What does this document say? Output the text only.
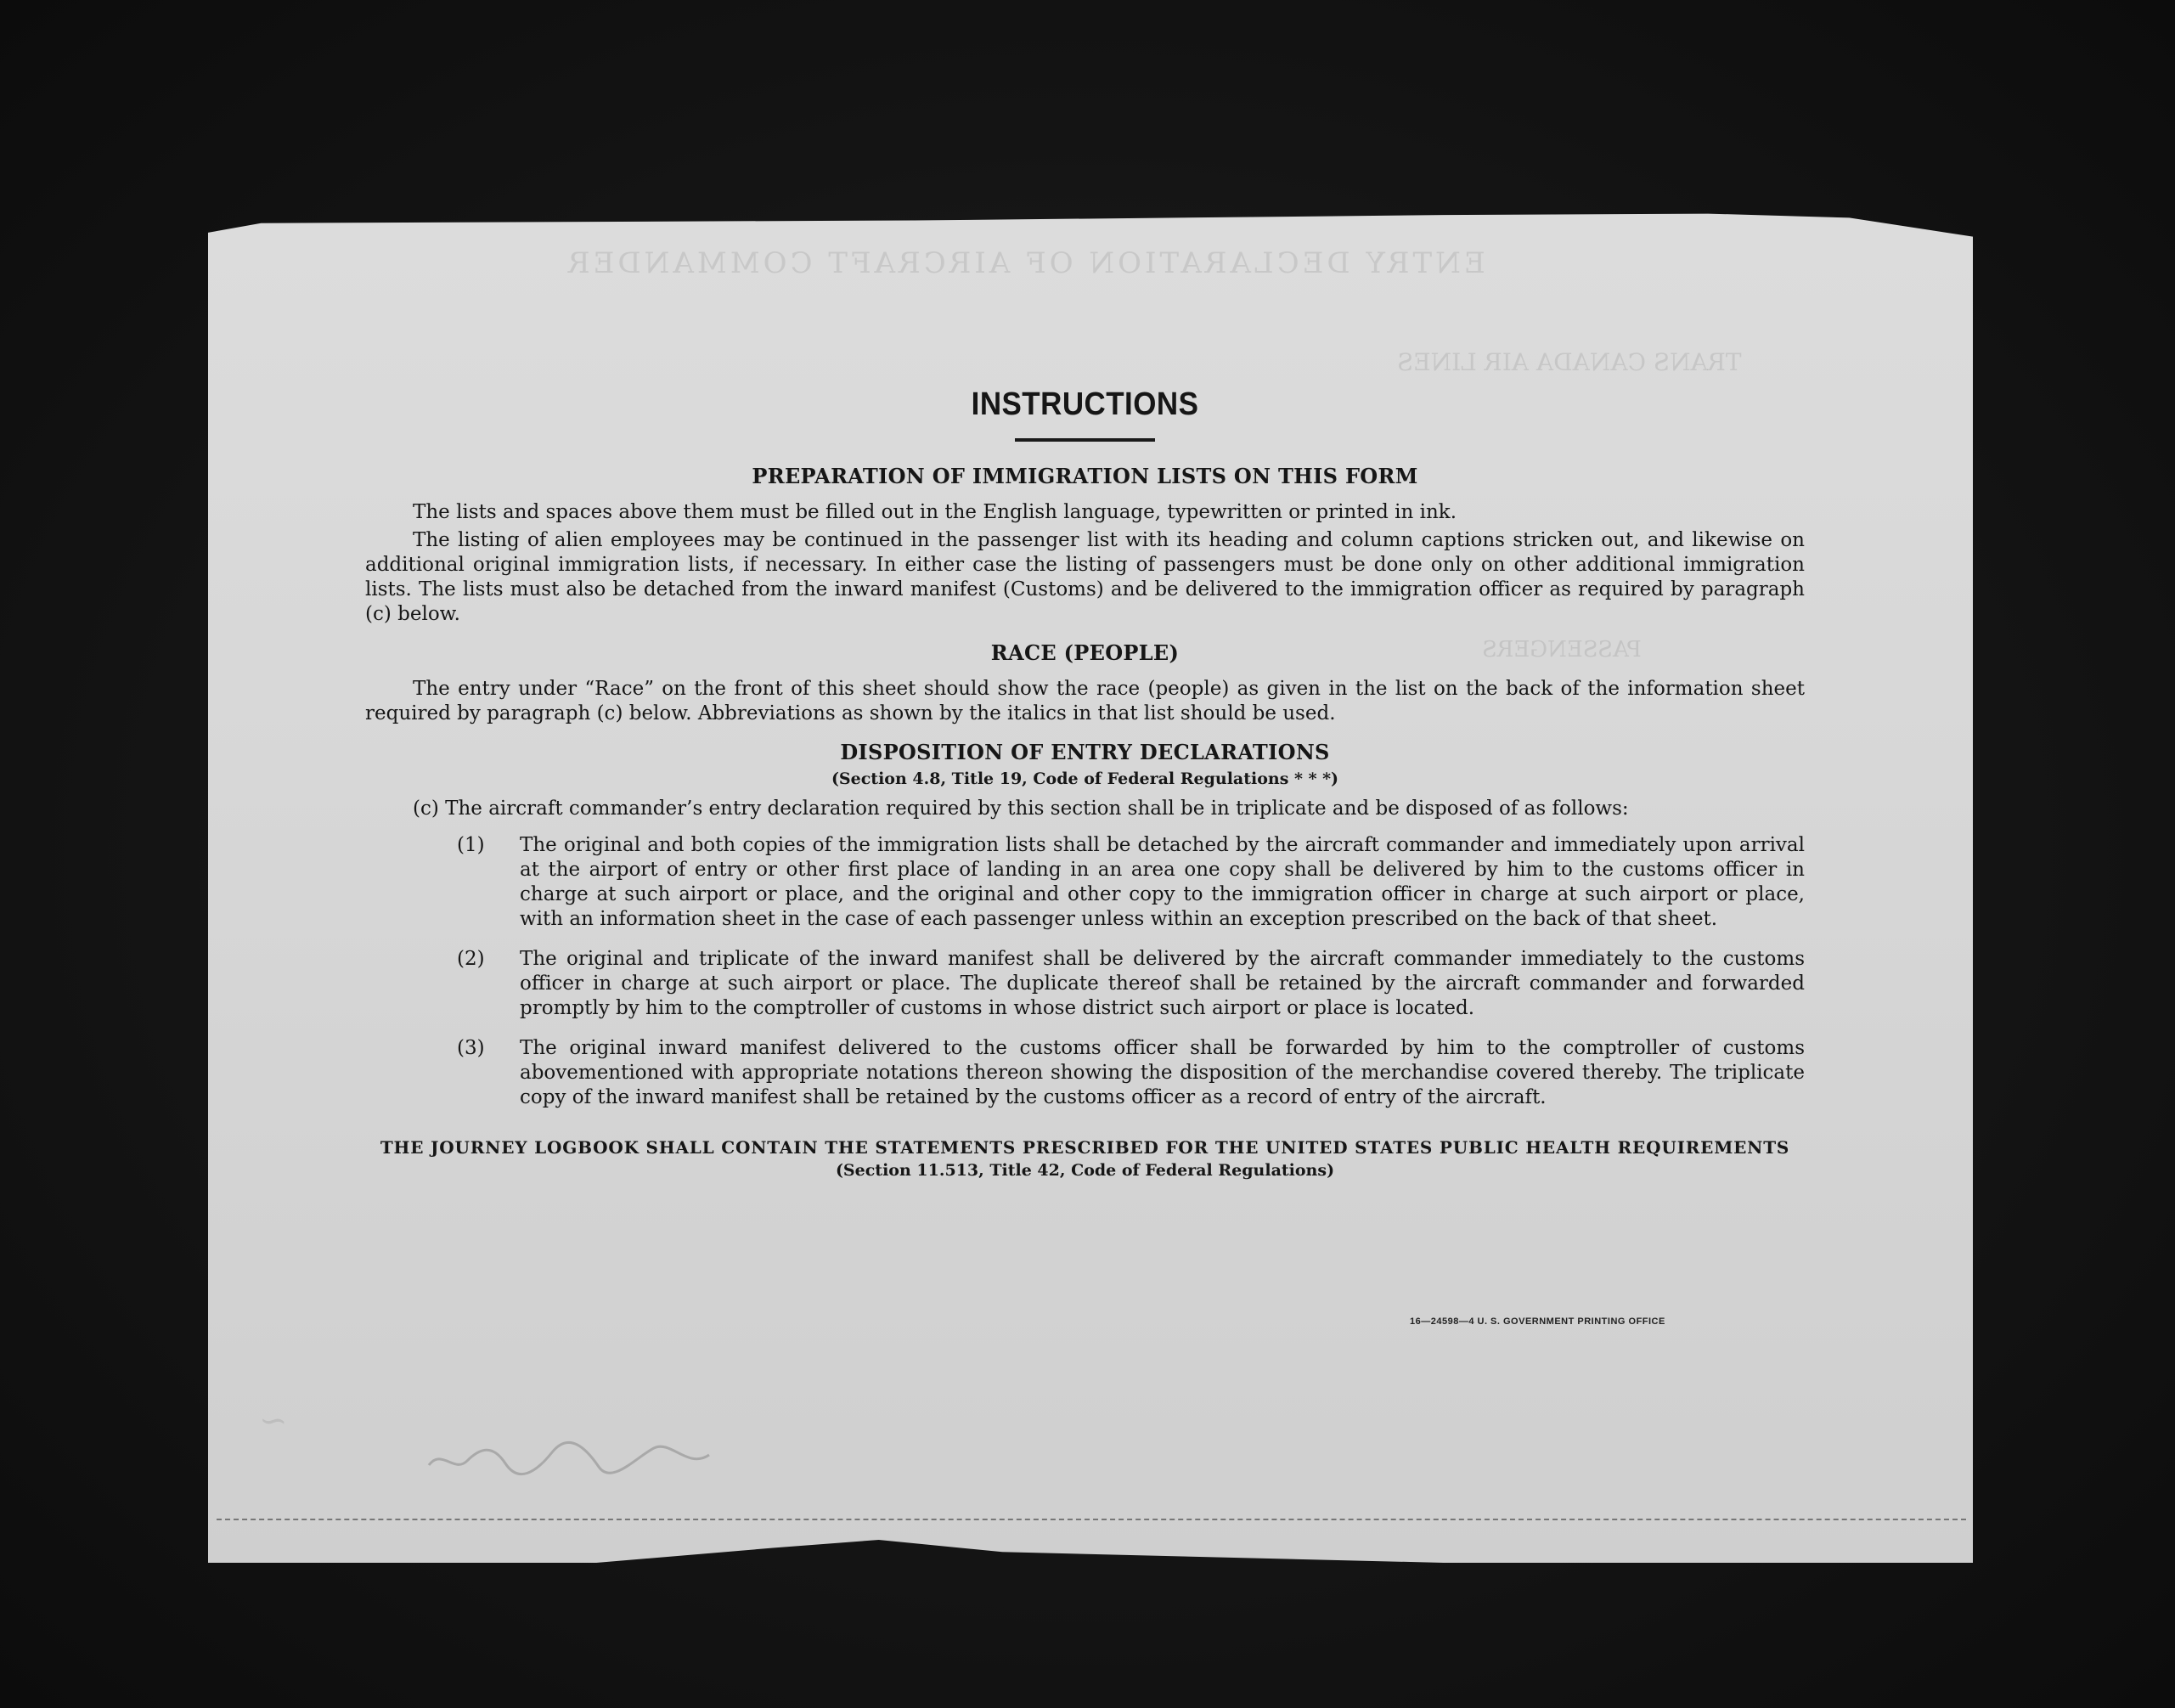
INSTRUCTIONS
PREPARATION OF IMMIGRATION LISTS ON THIS FORM

The lists and spaces above them must be filled out in the English language, typewritten or printed in ink.

The listing of alien employees may be continued in the passenger list with its heading and column captions stricken out, and likewise on additional original immigration lists, if necessary. In either case the listing of passengers must be done only on other additional immigration lists. The lists must also be detached from the inward manifest (Customs) and be delivered to the immigration officer as required by paragraph (c) below.

RACE (PEOPLE)

The entry under “Race” on the front of this sheet should show the race (people) as given in the list on the back of the information sheet required by paragraph (c) below. Abbreviations as shown by the italics in that list should be used.

DISPOSITION OF ENTRY DECLARATIONS
(Section 4.8, Title 19, Code of Federal Regulations * * *)

(c) The aircraft commander’s entry declaration required by this section shall be in triplicate and be disposed of as follows:

(1) The original and both copies of the immigration lists shall be detached by the aircraft commander and immediately upon arrival at the airport of entry or other first place of landing in an area one copy shall be delivered by him to the customs officer in charge at such airport or place, and the original and other copy to the immigration officer in charge at such airport or place, with an information sheet in the case of each passenger unless within an exception prescribed on the back of that sheet.
(2) The original and triplicate of the inward manifest shall be delivered by the aircraft commander immediately to the customs officer in charge at such airport or place. The duplicate thereof shall be retained by the aircraft commander and forwarded promptly by him to the comptroller of customs in whose district such airport or place is located.
(3) The original inward manifest delivered to the customs officer shall be forwarded by him to the comptroller of customs abovementioned with appropriate notations thereon showing the disposition of the merchandise covered thereby. The triplicate copy of the inward manifest shall be retained by the customs officer as a record of entry of the aircraft.
THE JOURNEY LOGBOOK SHALL CONTAIN THE STATEMENTS PRESCRIBED FOR THE UNITED STATES PUBLIC HEALTH REQUIREMENTS
(Section 11.513, Title 42, Code of Federal Regulations)
16—24598—4 U. S. GOVERNMENT PRINTING OFFICE
